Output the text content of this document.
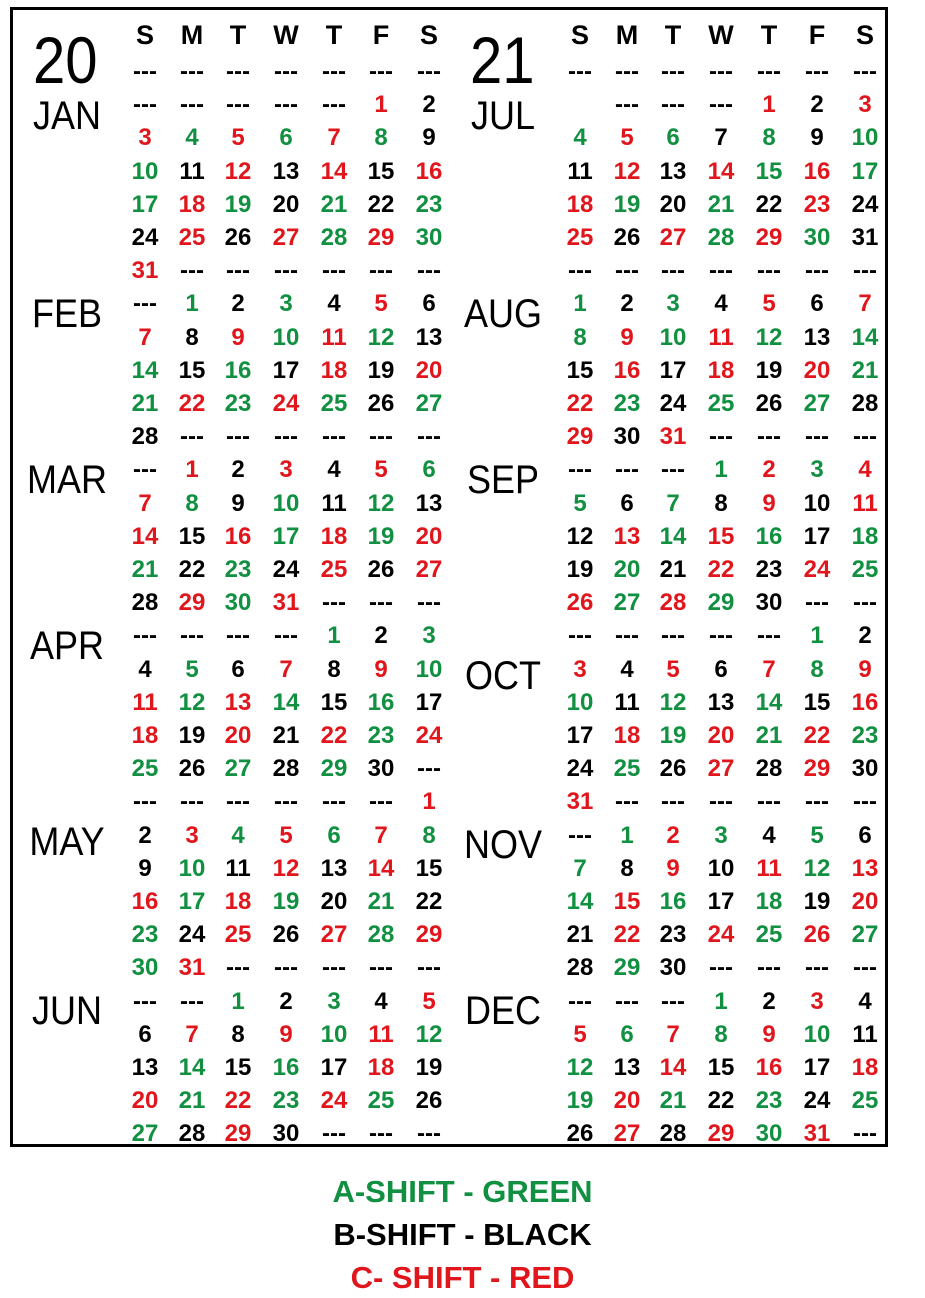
20	21
S M T	W	T	F	S	S M T	W	T	F	S
--- --- ---	---	--- ---	---
--- --- ---	---	---	1	2
3	4	5	6	7	8	9
10 11 12 13 14 15 16
17 18 19 20 21 22 23
24 25 26 27 28 29 30
31 --- ---	---	--- ---	---
JAN
---	1	2	3	4	5	6
7	8	9	10 11 12 13
14 15 16 17 18 19 20
21 22 23 24 25 26 27
28 --- ---	---	--- ---	---
FEB
---	1	2	3	4	5	6
7	8	9	10 11 12 13
14 15 16 17 18 19 20
21 22 23 24 25 26 27
28 29 30 31 --- ---	---
MAR
--- --- ---	---	1	2	3
4	5	6	7	8	9	10
11 12 13 14 15 16 17
18 19 20 21 22 23 24
25 26 27 28 29 30 ---
APR
--- --- ---	---	--- ---	1
2	3	4	5	6	7	8
9	10 11 12 13 14 15
16 17 18 19 20 21 22
23 24 25 26 27 28 29
30 31 ---	---	--- ---	---
MAY
--- ---	1	2	3	4	5
6	7	8	9	10 11 12
13 14 15 16 17 18 19
20 21 22 23 24 25 26
27 28 29 30 --- ---	---
JUN
--- --- ---	---	---	---	---
--- ---	---	1	2	3
4	5	6	7	8	9	10
11 12 13 14 15 16 17
18 19 20 21 22 23 24
25 26 27 28 29 30 31
--- --- ---	---	---	---	---
JUL
1	2	3	4	5	6	7
8	9	10 11 12 13 14
15 16 17 18 19 20 21
22 23 24 25 26 27 28
29 30 31 ---	---	---	---
AUG
--- --- ---	1	2	3	4
5	6	7	8	9	10 11
12 13 14 15 16 17 18
19 20 21 22 23 24 25
26 27 28 29 30 ---	---
SEP
--- --- ---	---	---	1	2
3	4	5	6	7	8	9
10 11 12 13 14 15 16
17 18 19 20 21 22 23
24 25 26 27 28 29 30
31 --- ---	---	---	---	---
OCT
---	1	2	3	4	5	6
7	8	9	10 11 12 13
14 15 16 17 18 19 20
21 22 23 24 25 26 27
28 29 30 ---	---	---	---
NOV
--- --- ---	1	2	3	4
5	6	7	8	9	10 11
12 13 14 15 16 17 18
19 20 21 22 23 24 25
26 27 28 29 30 31 ---
DEC
A-SHIFT - GREEN
B-SHIFT - BLACK
C- SHIFT - RED
